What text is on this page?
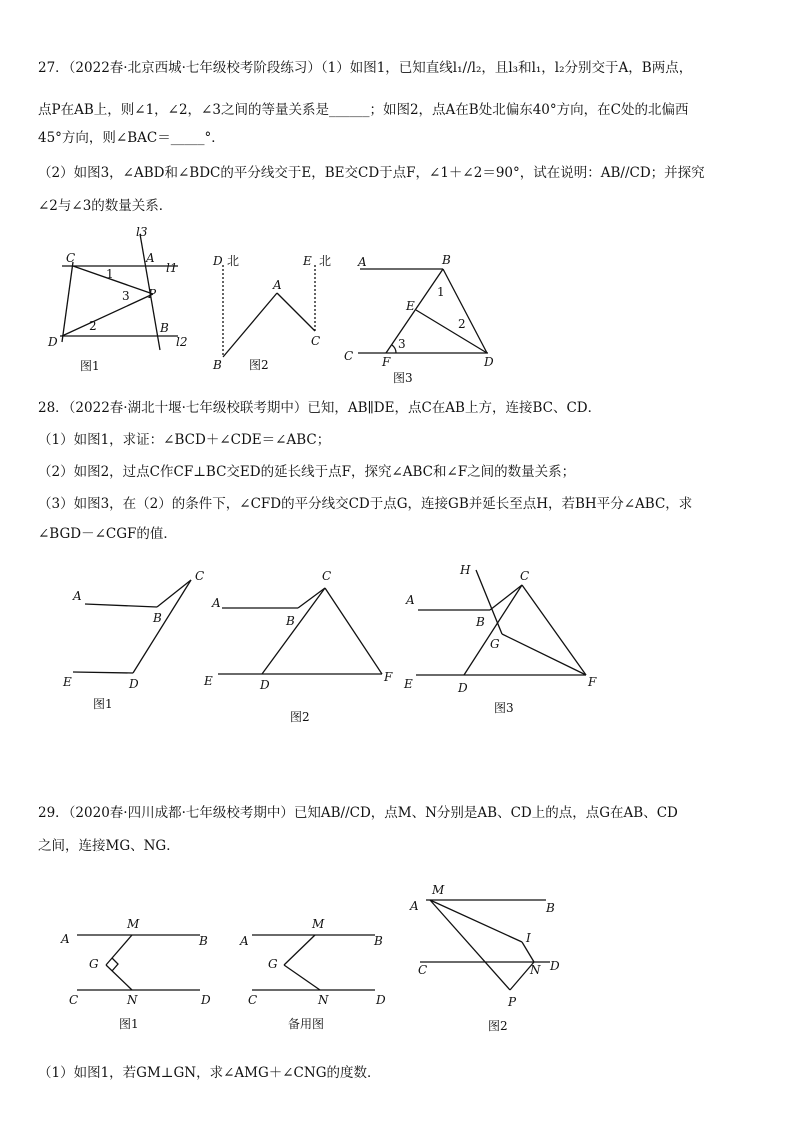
27．（2022春·北京西城·七年级校考阶段练习）（1）如图1，已知直线l₁//l₂，且l₃和l₁，l₂分别交于A，B两点，
点P在AB上，则∠1，∠2，∠3之间的等量关系是______；如图2，点A在B处北偏东40°方向，在C处的北偏西
45°方向，则∠BAC＝_____°．
（2）如图3，∠ABD和∠BDC的平分线交于E，BE交CD于点F，∠1＋∠2＝90°，试在说明：AB//CD；并探究
∠2与∠3的数量关系．
l3
C	A
l1
1
3 P
2	B
D	l2
图1
D 北	E 北
A
B
C
图2
A	B
1
E
2
C
3
F	D
图3
28．（2022春·湖北十堰·七年级校联考期中）已知，AB∥DE，点C在AB上方，连接BC、CD．
（1）如图1，求证：∠BCD＋∠CDE＝∠ABC；
（2）如图2，过点C作CF⊥BC交ED的延长线于点F，探究∠ABC和∠F之间的数量关系；
（3）如图3，在（2）的条件下，∠CFD的平分线交CD于点G，连接GB并延长至点H，若BH平分∠ABC，求
∠BGD－∠CGF的值．
C
A
B
E	D
图1
C
A
B
E	D
F
图2
H	C
A
B
G
E	D	F
图3
29．（2020春·四川成都·七年级校考期中）已知AB//CD，点M、N分别是AB、CD上的点，点G在AB、CD
之间，连接MG、NG．
M
A	B
G
C	N	D
图1
M
A	B
G
C	N	D
备用图
M
A	B
I
C	N D
P
图2
（1）如图1，若GM⊥GN，求∠AMG＋∠CNG的度数．
